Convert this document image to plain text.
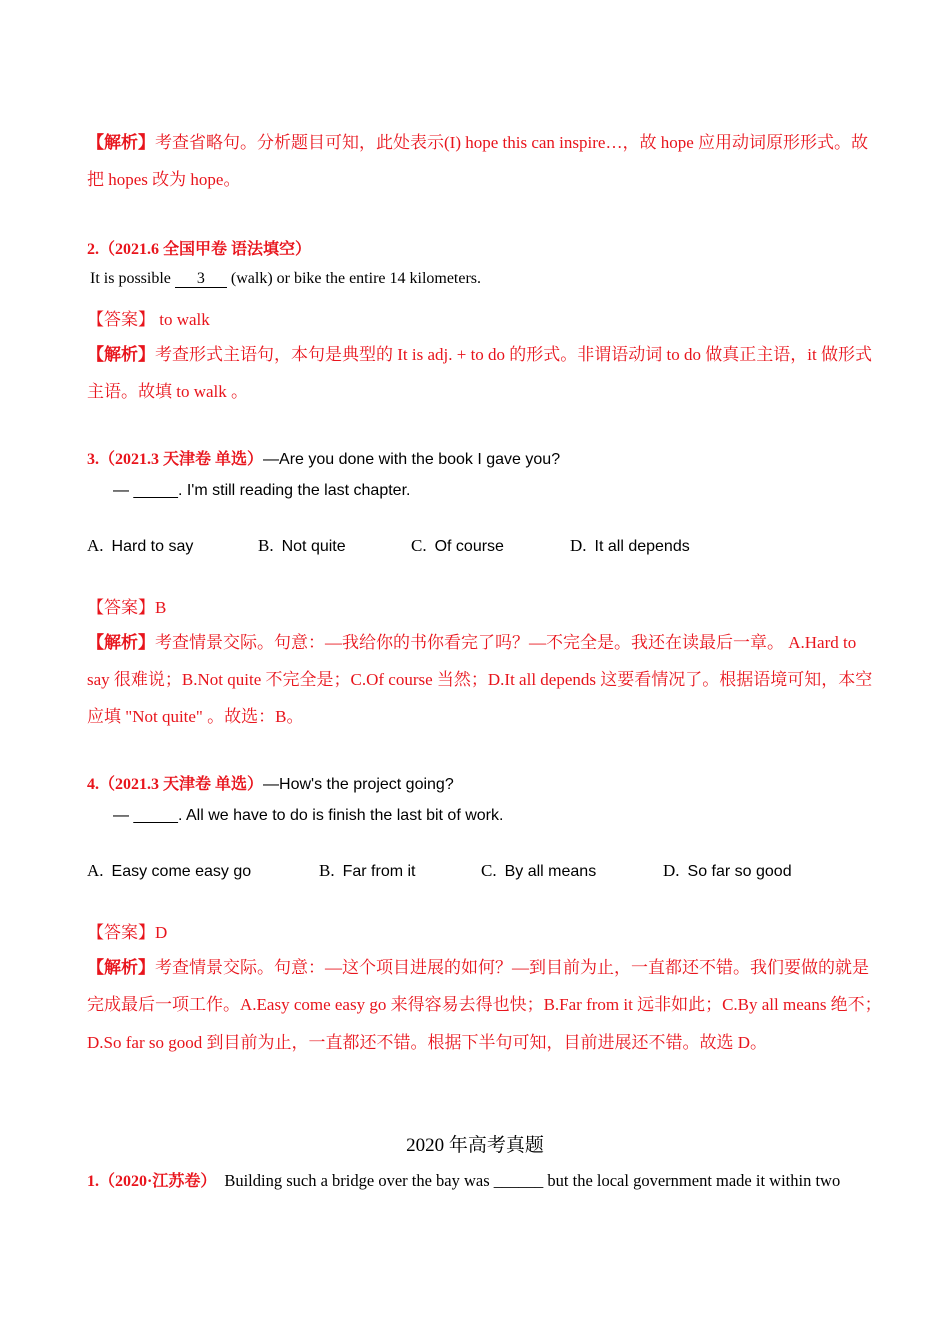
【解析】考查省略句。分析题目可知，此处表示(I) hope this can inspire…，故 hope 应用动词原形形式。故
把 hopes 改为 hope。
2.（2021.6 全国甲卷 语法填空）
It is possible 3 (walk) or bike the entire 14 kilometers.
【答案】 to walk
【解析】考查形式主语句，本句是典型的 It is adj. + to do 的形式。非谓语动词 to do 做真正主语，it 做形式
主语。故填 to walk 。
3.（2021.3 天津卷 单选）—Are you done with the book I gave you?
— _____. I'm still reading the last chapter.
A. Hard to say	B. Not quite	C. Of course	D. It all depends
【答案】B
【解析】考查情景交际。句意：—我给你的书你看完了吗？—不完全是。我还在读最后一章。 A.Hard to
say 很难说；B.Not quite 不完全是；C.Of course 当然；D.It all depends 这要看情况了。根据语境可知，本空
应填 "Not quite" 。故选：B。
4.（2021.3 天津卷 单选）—How's the project going?
— _____. All we have to do is finish the last bit of work.
A. Easy come easy go	B. Far from it	C. By all means	D. So far so good
【答案】D
【解析】考查情景交际。句意：—这个项目进展的如何？—到目前为止，一直都还不错。我们要做的就是
完成最后一项工作。A.Easy come easy go 来得容易去得也快；B.Far from it 远非如此；C.By all means 绝不；
D.So far so good 到目前为止，一直都还不错。根据下半句可知，目前进展还不错。故选 D。
2020 年高考真题
1.（2020·江苏卷） Building such a bridge over the bay was ______ but the local government made it within two
